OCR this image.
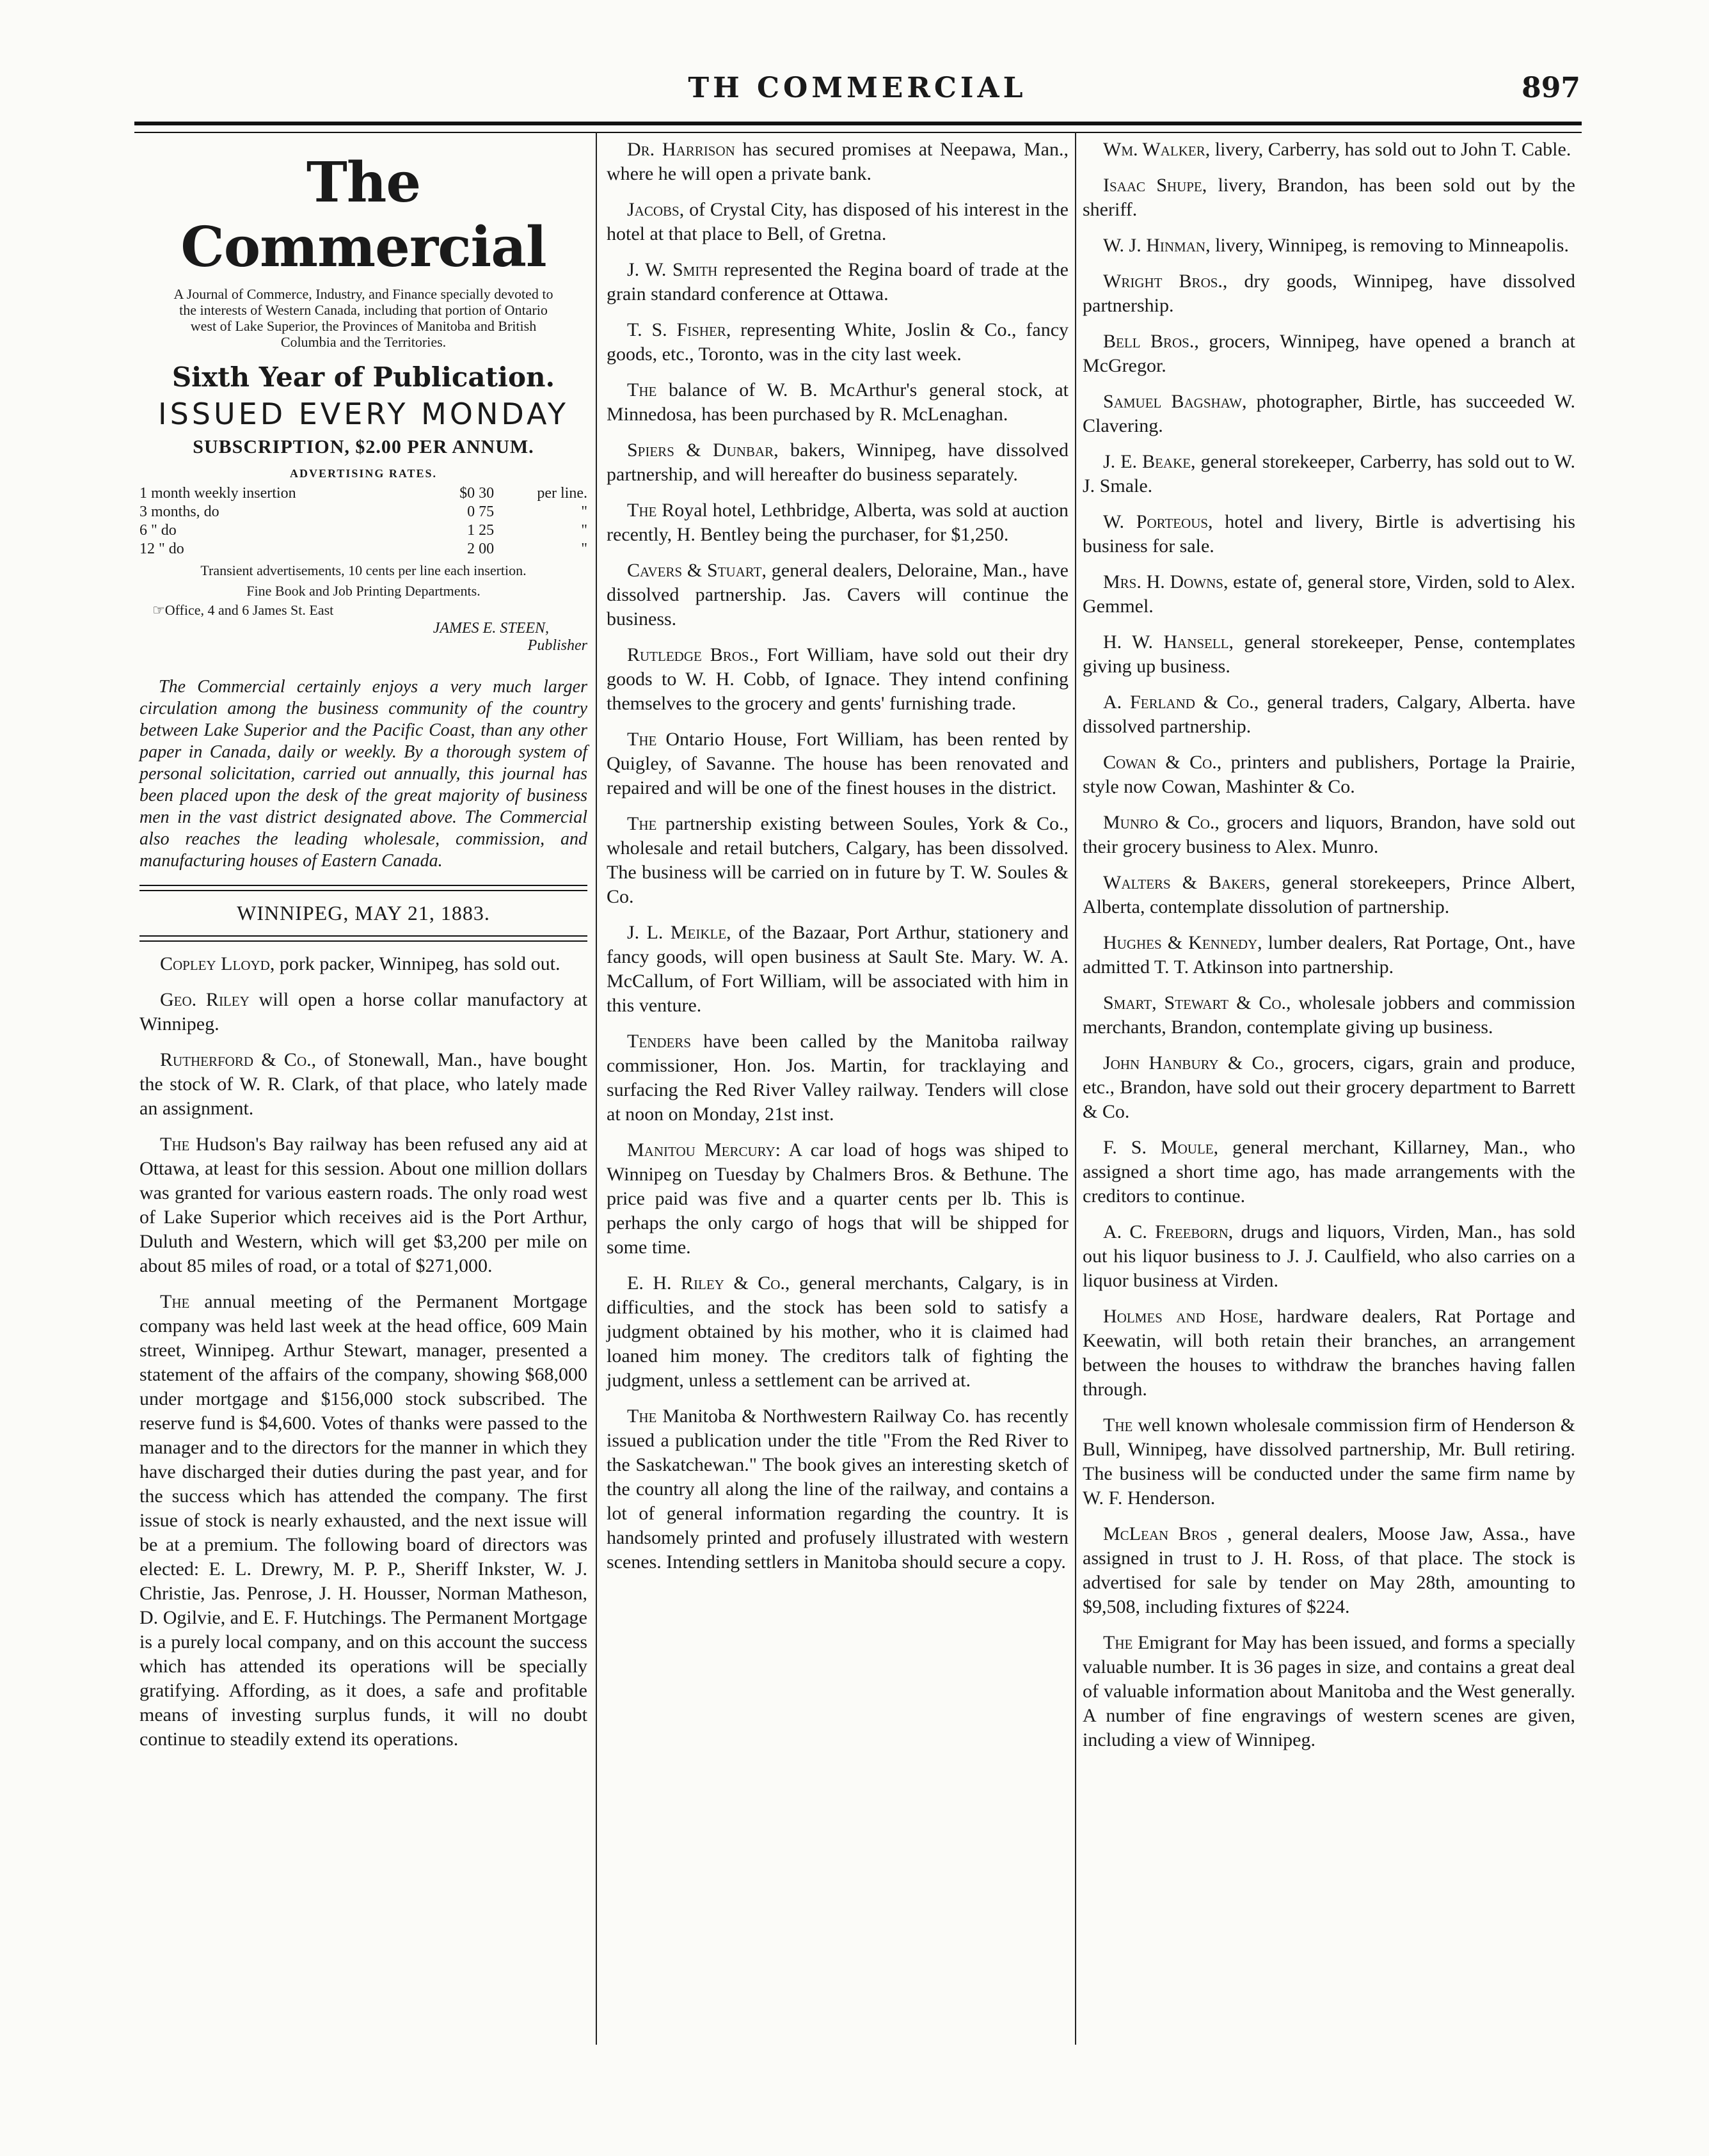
TH COMMERCIAL	897
The Commercial
A Journal of Commerce, Industry, and Finance specially devoted to the interests of Western Canada, including that portion of Ontario west of Lake Superior, the Provinces of Manitoba and British Columbia and the Territories.
Sixth Year of Publication.
ISSUED EVERY MONDAY
SUBSCRIPTION, $2.00 PER ANNUM.
ADVERTISING RATES.
1 month weekly insertion	$0 30	per line.
3 months, do	0 75	"
6 " do	1 25	"
12 " do	2 00	"
Transient advertisements, 10 cents per line each insertion.
Fine Book and Job Printing Departments.
☞Office, 4 and 6 James St. East
JAMES E. STEEN,
Publisher
The Commercial certainly enjoys a very much larger circulation among the business community of the country between Lake Superior and the Pacific Coast, than any other paper in Canada, daily or weekly. By a thorough system of personal solicitation, carried out annually, this journal has been placed upon the desk of the great majority of business men in the vast district designated above. The Commercial also reaches the leading wholesale, commission, and manufacturing houses of Eastern Canada.
WINNIPEG, MAY 21, 1883.

Copley Lloyd, pork packer, Winnipeg, has sold out.

Geo. Riley will open a horse collar manufactory at Winnipeg.

Rutherford & Co., of Stonewall, Man., have bought the stock of W. R. Clark, of that place, who lately made an assignment.

The Hudson's Bay railway has been refused any aid at Ottawa, at least for this session. About one million dollars was granted for various eastern roads. The only road west of Lake Superior which receives aid is the Port Arthur, Duluth and Western, which will get $3,200 per mile on about 85 miles of road, or a total of $271,000.

The annual meeting of the Permanent Mortgage company was held last week at the head office, 609 Main street, Winnipeg. Arthur Stewart, manager, presented a statement of the affairs of the company, showing $68,000 under mortgage and $156,000 stock subscribed. The reserve fund is $4,600. Votes of thanks were passed to the manager and to the directors for the manner in which they have discharged their duties during the past year, and for the success which has attended the company. The first issue of stock is nearly exhausted, and the next issue will be at a premium. The following board of directors was elected: E. L. Drewry, M. P. P., Sheriff Inkster, W. J. Christie, Jas. Penrose, J. H. Housser, Norman Matheson, D. Ogilvie, and E. F. Hutchings. The Permanent Mortgage is a purely local company, and on this account the success which has attended its operations will be specially gratifying. Affording, as it does, a safe and profitable means of investing surplus funds, it will no doubt continue to steadily extend its operations.

Dr. Harrison has secured promises at Neepawa, Man., where he will open a private bank.

Jacobs, of Crystal City, has disposed of his interest in the hotel at that place to Bell, of Gretna.

J. W. Smith represented the Regina board of trade at the grain standard conference at Ottawa.

T. S. Fisher, representing White, Joslin & Co., fancy goods, etc., Toronto, was in the city last week.

The balance of W. B. McArthur's general stock, at Minnedosa, has been purchased by R. McLenaghan.

Spiers & Dunbar, bakers, Winnipeg, have dissolved partnership, and will hereafter do business separately.

The Royal hotel, Lethbridge, Alberta, was sold at auction recently, H. Bentley being the purchaser, for $1,250.

Cavers & Stuart, general dealers, Deloraine, Man., have dissolved partnership. Jas. Cavers will continue the business.

Rutledge Bros., Fort William, have sold out their dry goods to W. H. Cobb, of Ignace. They intend confining themselves to the grocery and gents' furnishing trade.

The Ontario House, Fort William, has been rented by Quigley, of Savanne. The house has been renovated and repaired and will be one of the finest houses in the district.

The partnership existing between Soules, York & Co., wholesale and retail butchers, Calgary, has been dissolved. The business will be carried on in future by T. W. Soules & Co.

J. L. Meikle, of the Bazaar, Port Arthur, stationery and fancy goods, will open business at Sault Ste. Mary. W. A. McCallum, of Fort William, will be associated with him in this venture.

Tenders have been called by the Manitoba railway commissioner, Hon. Jos. Martin, for tracklaying and surfacing the Red River Valley railway. Tenders will close at noon on Monday, 21st inst.

Manitou Mercury: A car load of hogs was shiped to Winnipeg on Tuesday by Chalmers Bros. & Bethune. The price paid was five and a quarter cents per lb. This is perhaps the only cargo of hogs that will be shipped for some time.

E. H. Riley & Co., general merchants, Calgary, is in difficulties, and the stock has been sold to satisfy a judgment obtained by his mother, who it is claimed had loaned him money. The creditors talk of fighting the judgment, unless a settlement can be arrived at.

The Manitoba & Northwestern Railway Co. has recently issued a publication under the title "From the Red River to the Saskatchewan." The book gives an interesting sketch of the country all along the line of the railway, and contains a lot of general information regarding the country. It is handsomely printed and profusely illustrated with western scenes. Intending settlers in Manitoba should secure a copy.

Wm. Walker, livery, Carberry, has sold out to John T. Cable.

Isaac Shupe, livery, Brandon, has been sold out by the sheriff.

W. J. Hinman, livery, Winnipeg, is removing to Minneapolis.

Wright Bros., dry goods, Winnipeg, have dissolved partnership.

Bell Bros., grocers, Winnipeg, have opened a branch at McGregor.

Samuel Bagshaw, photographer, Birtle, has succeeded W. Clavering.

J. E. Beake, general storekeeper, Carberry, has sold out to W. J. Smale.

W. Porteous, hotel and livery, Birtle is advertising his business for sale.

Mrs. H. Downs, estate of, general store, Virden, sold to Alex. Gemmel.

H. W. Hansell, general storekeeper, Pense, contemplates giving up business.

A. Ferland & Co., general traders, Calgary, Alberta. have dissolved partnership.

Cowan & Co., printers and publishers, Portage la Prairie, style now Cowan, Mashinter & Co.

Munro & Co., grocers and liquors, Brandon, have sold out their grocery business to Alex. Munro.

Walters & Bakers, general storekeepers, Prince Albert, Alberta, contemplate dissolution of partnership.

Hughes & Kennedy, lumber dealers, Rat Portage, Ont., have admitted T. T. Atkinson into partnership.

Smart, Stewart & Co., wholesale jobbers and commission merchants, Brandon, contemplate giving up business.

John Hanbury & Co., grocers, cigars, grain and produce, etc., Brandon, have sold out their grocery department to Barrett & Co.

F. S. Moule, general merchant, Killarney, Man., who assigned a short time ago, has made arrangements with the creditors to continue.

A. C. Freeborn, drugs and liquors, Virden, Man., has sold out his liquor business to J. J. Caulfield, who also carries on a liquor business at Virden.

Holmes and Hose, hardware dealers, Rat Portage and Keewatin, will both retain their branches, an arrangement between the houses to withdraw the branches having fallen through.

The well known wholesale commission firm of Henderson & Bull, Winnipeg, have dissolved partnership, Mr. Bull retiring. The business will be conducted under the same firm name by W. F. Henderson.

McLean Bros , general dealers, Moose Jaw, Assa., have assigned in trust to J. H. Ross, of that place. The stock is advertised for sale by tender on May 28th, amounting to $9,508, including fixtures of $224.

The Emigrant for May has been issued, and forms a specially valuable number. It is 36 pages in size, and contains a great deal of valuable information about Manitoba and the West generally. A number of fine engravings of western scenes are given, including a view of Winnipeg.
